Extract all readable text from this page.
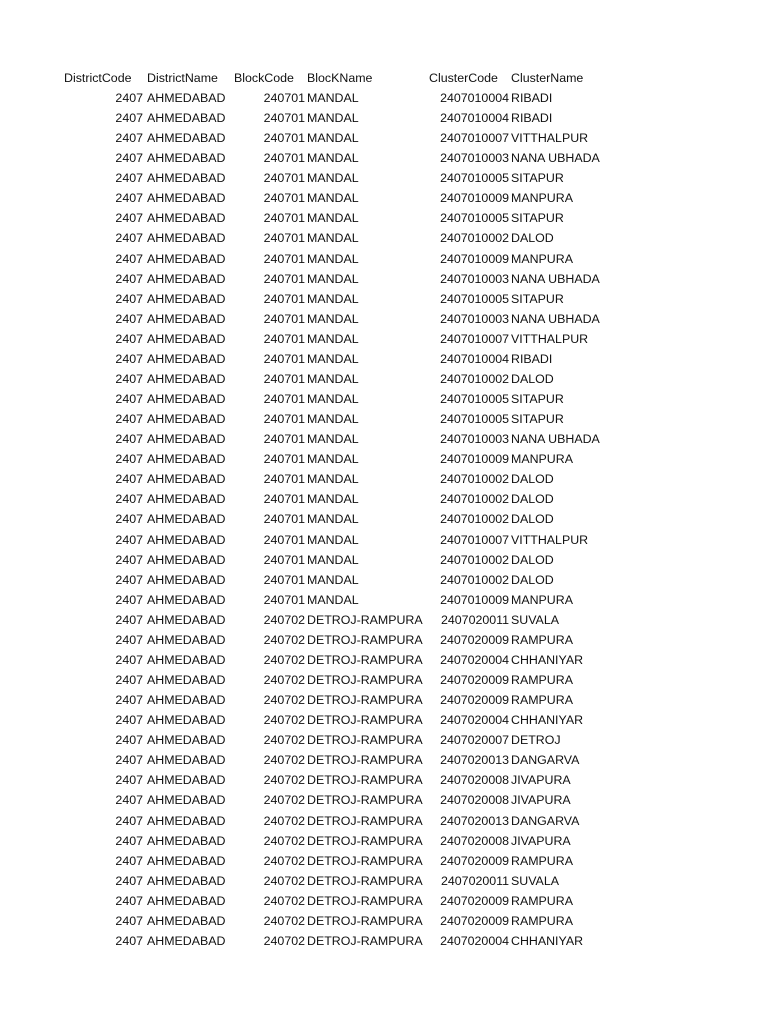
DistrictCode DistrictName BlockCode BlocKName	ClusterCode ClusterName
2407 AHMEDABAD	240701 MANDAL	2407010004 RIBADI
2407 AHMEDABAD	240701 MANDAL	2407010004 RIBADI
2407 AHMEDABAD	240701 MANDAL	2407010007 VITTHALPUR
2407 AHMEDABAD	240701 MANDAL	2407010003 NANA UBHADA
2407 AHMEDABAD	240701 MANDAL	2407010005 SITAPUR
2407 AHMEDABAD	240701 MANDAL	2407010009 MANPURA
2407 AHMEDABAD	240701 MANDAL	2407010005 SITAPUR
2407 AHMEDABAD	240701 MANDAL	2407010002 DALOD
2407 AHMEDABAD	240701 MANDAL	2407010009 MANPURA
2407 AHMEDABAD	240701 MANDAL	2407010003 NANA UBHADA
2407 AHMEDABAD	240701 MANDAL	2407010005 SITAPUR
2407 AHMEDABAD	240701 MANDAL	2407010003 NANA UBHADA
2407 AHMEDABAD	240701 MANDAL	2407010007 VITTHALPUR
2407 AHMEDABAD	240701 MANDAL	2407010004 RIBADI
2407 AHMEDABAD	240701 MANDAL	2407010002 DALOD
2407 AHMEDABAD	240701 MANDAL	2407010005 SITAPUR
2407 AHMEDABAD	240701 MANDAL	2407010005 SITAPUR
2407 AHMEDABAD	240701 MANDAL	2407010003 NANA UBHADA
2407 AHMEDABAD	240701 MANDAL	2407010009 MANPURA
2407 AHMEDABAD	240701 MANDAL	2407010002 DALOD
2407 AHMEDABAD	240701 MANDAL	2407010002 DALOD
2407 AHMEDABAD	240701 MANDAL	2407010002 DALOD
2407 AHMEDABAD	240701 MANDAL	2407010007 VITTHALPUR
2407 AHMEDABAD	240701 MANDAL	2407010002 DALOD
2407 AHMEDABAD	240701 MANDAL	2407010002 DALOD
2407 AHMEDABAD	240701 MANDAL	2407010009 MANPURA
2407 AHMEDABAD	240702 DETROJ-RAMPURA 2407020011 SUVALA
2407 AHMEDABAD	240702 DETROJ-RAMPURA 2407020009 RAMPURA
2407 AHMEDABAD	240702 DETROJ-RAMPURA 2407020004 CHHANIYAR
2407 AHMEDABAD	240702 DETROJ-RAMPURA 2407020009 RAMPURA
2407 AHMEDABAD	240702 DETROJ-RAMPURA 2407020009 RAMPURA
2407 AHMEDABAD	240702 DETROJ-RAMPURA 2407020004 CHHANIYAR
2407 AHMEDABAD	240702 DETROJ-RAMPURA 2407020007 DETROJ
2407 AHMEDABAD	240702 DETROJ-RAMPURA 2407020013 DANGARVA
2407 AHMEDABAD	240702 DETROJ-RAMPURA 2407020008 JIVAPURA
2407 AHMEDABAD	240702 DETROJ-RAMPURA 2407020008 JIVAPURA
2407 AHMEDABAD	240702 DETROJ-RAMPURA 2407020013 DANGARVA
2407 AHMEDABAD	240702 DETROJ-RAMPURA 2407020008 JIVAPURA
2407 AHMEDABAD	240702 DETROJ-RAMPURA 2407020009 RAMPURA
2407 AHMEDABAD	240702 DETROJ-RAMPURA 2407020011 SUVALA
2407 AHMEDABAD	240702 DETROJ-RAMPURA 2407020009 RAMPURA
2407 AHMEDABAD	240702 DETROJ-RAMPURA 2407020009 RAMPURA
2407 AHMEDABAD	240702 DETROJ-RAMPURA 2407020004 CHHANIYAR
